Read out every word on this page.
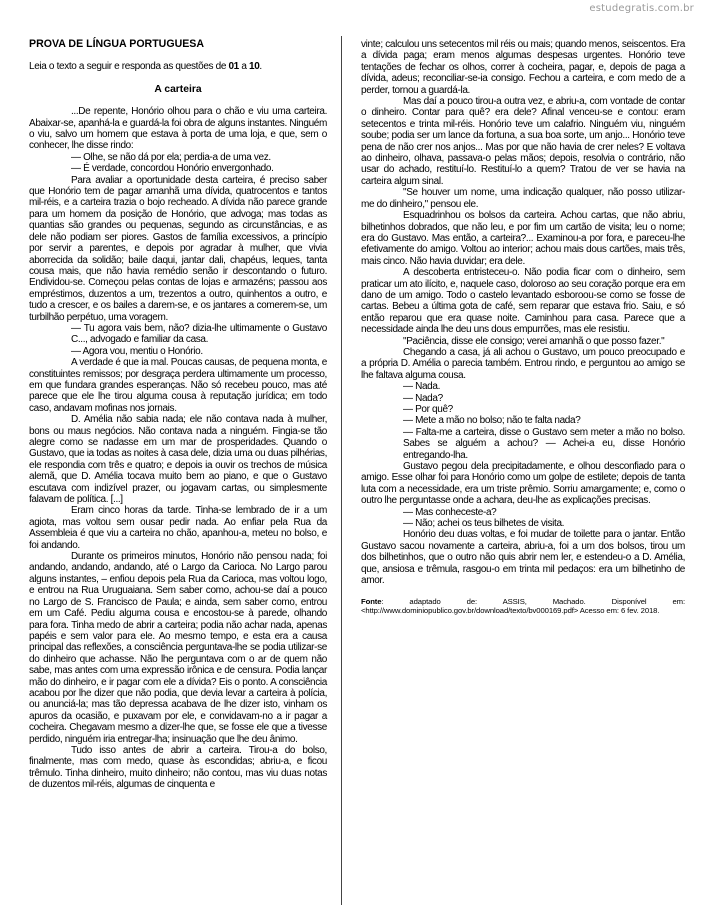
estudegratis.com.br
PROVA DE LÍNGUA PORTUGUESA
Leia o texto a seguir e responda as questões de 01 a 10.
A carteira

...De repente, Honório olhou para o chão e viu uma carteira. Abaixar-se, apanhá-la e guardá-la foi obra de alguns instantes. Ninguém o viu, salvo um homem que estava à porta de uma loja, e que, sem o conhecer, lhe disse rindo:

— Olhe, se não dá por ela; perdia-a de uma vez.

— É verdade, concordou Honório envergonhado.

Para avaliar a oportunidade desta carteira, é preciso saber que Honório tem de pagar amanhã uma dívida, quatrocentos e tantos mil-réis, e a carteira trazia o bojo recheado. A dívida não parece grande para um homem da posição de Honório, que advoga; mas todas as quantias são grandes ou pequenas, segundo as circunstâncias, e as dele não podiam ser piores. Gastos de família excessivos, a princípio por servir a parentes, e depois por agradar à mulher, que vivia aborrecida da solidão; baile daqui, jantar dali, chapéus, leques, tanta cousa mais, que não havia remédio senão ir descontando o futuro. Endividou-se. Começou pelas contas de lojas e armazéns; passou aos empréstimos, duzentos a um, trezentos a outro, quinhentos a outro, e tudo a crescer, e os bailes a darem-se, e os jantares a comerem-se, um turbilhão perpétuo, uma voragem.

— Tu agora vais bem, não? dizia-lhe ultimamente o Gustavo C..., advogado e familiar da casa.

— Agora vou, mentiu o Honório.

A verdade é que ia mal. Poucas causas, de pequena monta, e constituintes remissos; por desgraça perdera ultimamente um processo, em que fundara grandes esperanças. Não só recebeu pouco, mas até parece que ele lhe tirou alguma cousa à reputação jurídica; em todo caso, andavam mofinas nos jornais.

D. Amélia não sabia nada; ele não contava nada à mulher, bons ou maus negócios. Não contava nada a ninguém. Fingia-se tão alegre como se nadasse em um mar de prosperidades. Quando o Gustavo, que ia todas as noites à casa dele, dizia uma ou duas pilhérias, ele respondia com três e quatro; e depois ia ouvir os trechos de música alemã, que D. Amélia tocava muito bem ao piano, e que o Gustavo escutava com indizível prazer, ou jogavam cartas, ou simplesmente falavam de política. [...]

Eram cinco horas da tarde. Tinha-se lembrado de ir a um agiota, mas voltou sem ousar pedir nada. Ao enfiar pela Rua da Assembleia é que viu a carteira no chão, apanhou-a, meteu no bolso, e foi andando.

Durante os primeiros minutos, Honório não pensou nada; foi andando, andando, andando, até o Largo da Carioca. No Largo parou alguns instantes, – enfiou depois pela Rua da Carioca, mas voltou logo, e entrou na Rua Uruguaiana. Sem saber como, achou-se daí a pouco no Largo de S. Francisco de Paula; e ainda, sem saber como, entrou em um Café. Pediu alguma cousa e encostou-se à parede, olhando para fora. Tinha medo de abrir a carteira; podia não achar nada, apenas papéis e sem valor para ele. Ao mesmo tempo, e esta era a causa principal das reflexões, a consciência perguntava-lhe se podia utilizar-se do dinheiro que achasse. Não lhe perguntava com o ar de quem não sabe, mas antes com uma expressão irônica e de censura. Podia lançar mão do dinheiro, e ir pagar com ele a dívida? Eis o ponto. A consciência acabou por lhe dizer que não podia, que devia levar a carteira à polícia, ou anunciá-la; mas tão depressa acabava de lhe dizer isto, vinham os apuros da ocasião, e puxavam por ele, e convidavam-no a ir pagar a cocheira. Chegavam mesmo a dizer-lhe que, se fosse ele que a tivesse perdido, ninguém iria entregar-lha; insinuação que lhe deu ânimo.

Tudo isso antes de abrir a carteira. Tirou-a do bolso, finalmente, mas com medo, quase às escondidas; abriu-a, e ficou trêmulo. Tinha dinheiro, muito dinheiro; não contou, mas viu duas notas de duzentos mil-réis, algumas de cinquenta e

vinte; calculou uns setecentos mil réis ou mais; quando menos, seiscentos. Era a dívida paga; eram menos algumas despesas urgentes. Honório teve tentações de fechar os olhos, correr à cocheira, pagar, e, depois de paga a dívida, adeus; reconciliar-se-ia consigo. Fechou a carteira, e com medo de a perder, tornou a guardá-la.

Mas daí a pouco tirou-a outra vez, e abriu-a, com vontade de contar o dinheiro. Contar para quê? era dele? Afinal venceu-se e contou: eram setecentos e trinta mil-réis. Honório teve um calafrio. Ninguém viu, ninguém soube; podia ser um lance da fortuna, a sua boa sorte, um anjo... Honório teve pena de não crer nos anjos... Mas por que não havia de crer neles? E voltava ao dinheiro, olhava, passava-o pelas mãos; depois, resolvia o contrário, não usar do achado, restituí-lo. Restituí-lo a quem? Tratou de ver se havia na carteira algum sinal.

"Se houver um nome, uma indicação qualquer, não posso utilizar-me do dinheiro," pensou ele.

Esquadrinhou os bolsos da carteira. Achou cartas, que não abriu, bilhetinhos dobrados, que não leu, e por fim um cartão de visita; leu o nome; era do Gustavo. Mas então, a carteira?... Examinou-a por fora, e pareceu-lhe efetivamente do amigo. Voltou ao interior; achou mais dous cartões, mais três, mais cinco. Não havia duvidar; era dele.

A descoberta entristeceu-o. Não podia ficar com o dinheiro, sem praticar um ato ilícito, e, naquele caso, doloroso ao seu coração porque era em dano de um amigo. Todo o castelo levantado esboroou-se como se fosse de cartas. Bebeu a última gota de café, sem reparar que estava frio. Saiu, e só então reparou que era quase noite. Caminhou para casa. Parece que a necessidade ainda lhe deu uns dous empurrões, mas ele resistiu.

"Paciência, disse ele consigo; verei amanhã o que posso fazer."

Chegando a casa, já ali achou o Gustavo, um pouco preocupado e a própria D. Amélia o parecia também. Entrou rindo, e perguntou ao amigo se lhe faltava alguma cousa.

— Nada.

— Nada?

— Por quê?

— Mete a mão no bolso; não te falta nada?

— Falta-me a carteira, disse o Gustavo sem meter a mão no bolso. Sabes se alguém a achou? — Achei-a eu, disse Honório entregando-lha.

Gustavo pegou dela precipitadamente, e olhou desconfiado para o amigo. Esse olhar foi para Honório como um golpe de estilete; depois de tanta luta com a necessidade, era um triste prêmio. Sorriu amargamente; e, como o outro lhe perguntasse onde a achara, deu-lhe as explicações precisas.

— Mas conheceste-a?

— Não; achei os teus bilhetes de visita.

Honório deu duas voltas, e foi mudar de toilette para o jantar. Então Gustavo sacou novamente a carteira, abriu-a, foi a um dos bolsos, tirou um dos bilhetinhos, que o outro não quis abrir nem ler, e estendeu-o a D. Amélia, que, ansiosa e trêmula, rasgou-o em trinta mil pedaços: era um bilhetinho de amor.

Fonte: adaptado de: ASSIS, Machado. Disponível em: <http://www.dominiopublico.gov.br/download/texto/bv000169.pdf> Acesso em: 6 fev. 2018.
